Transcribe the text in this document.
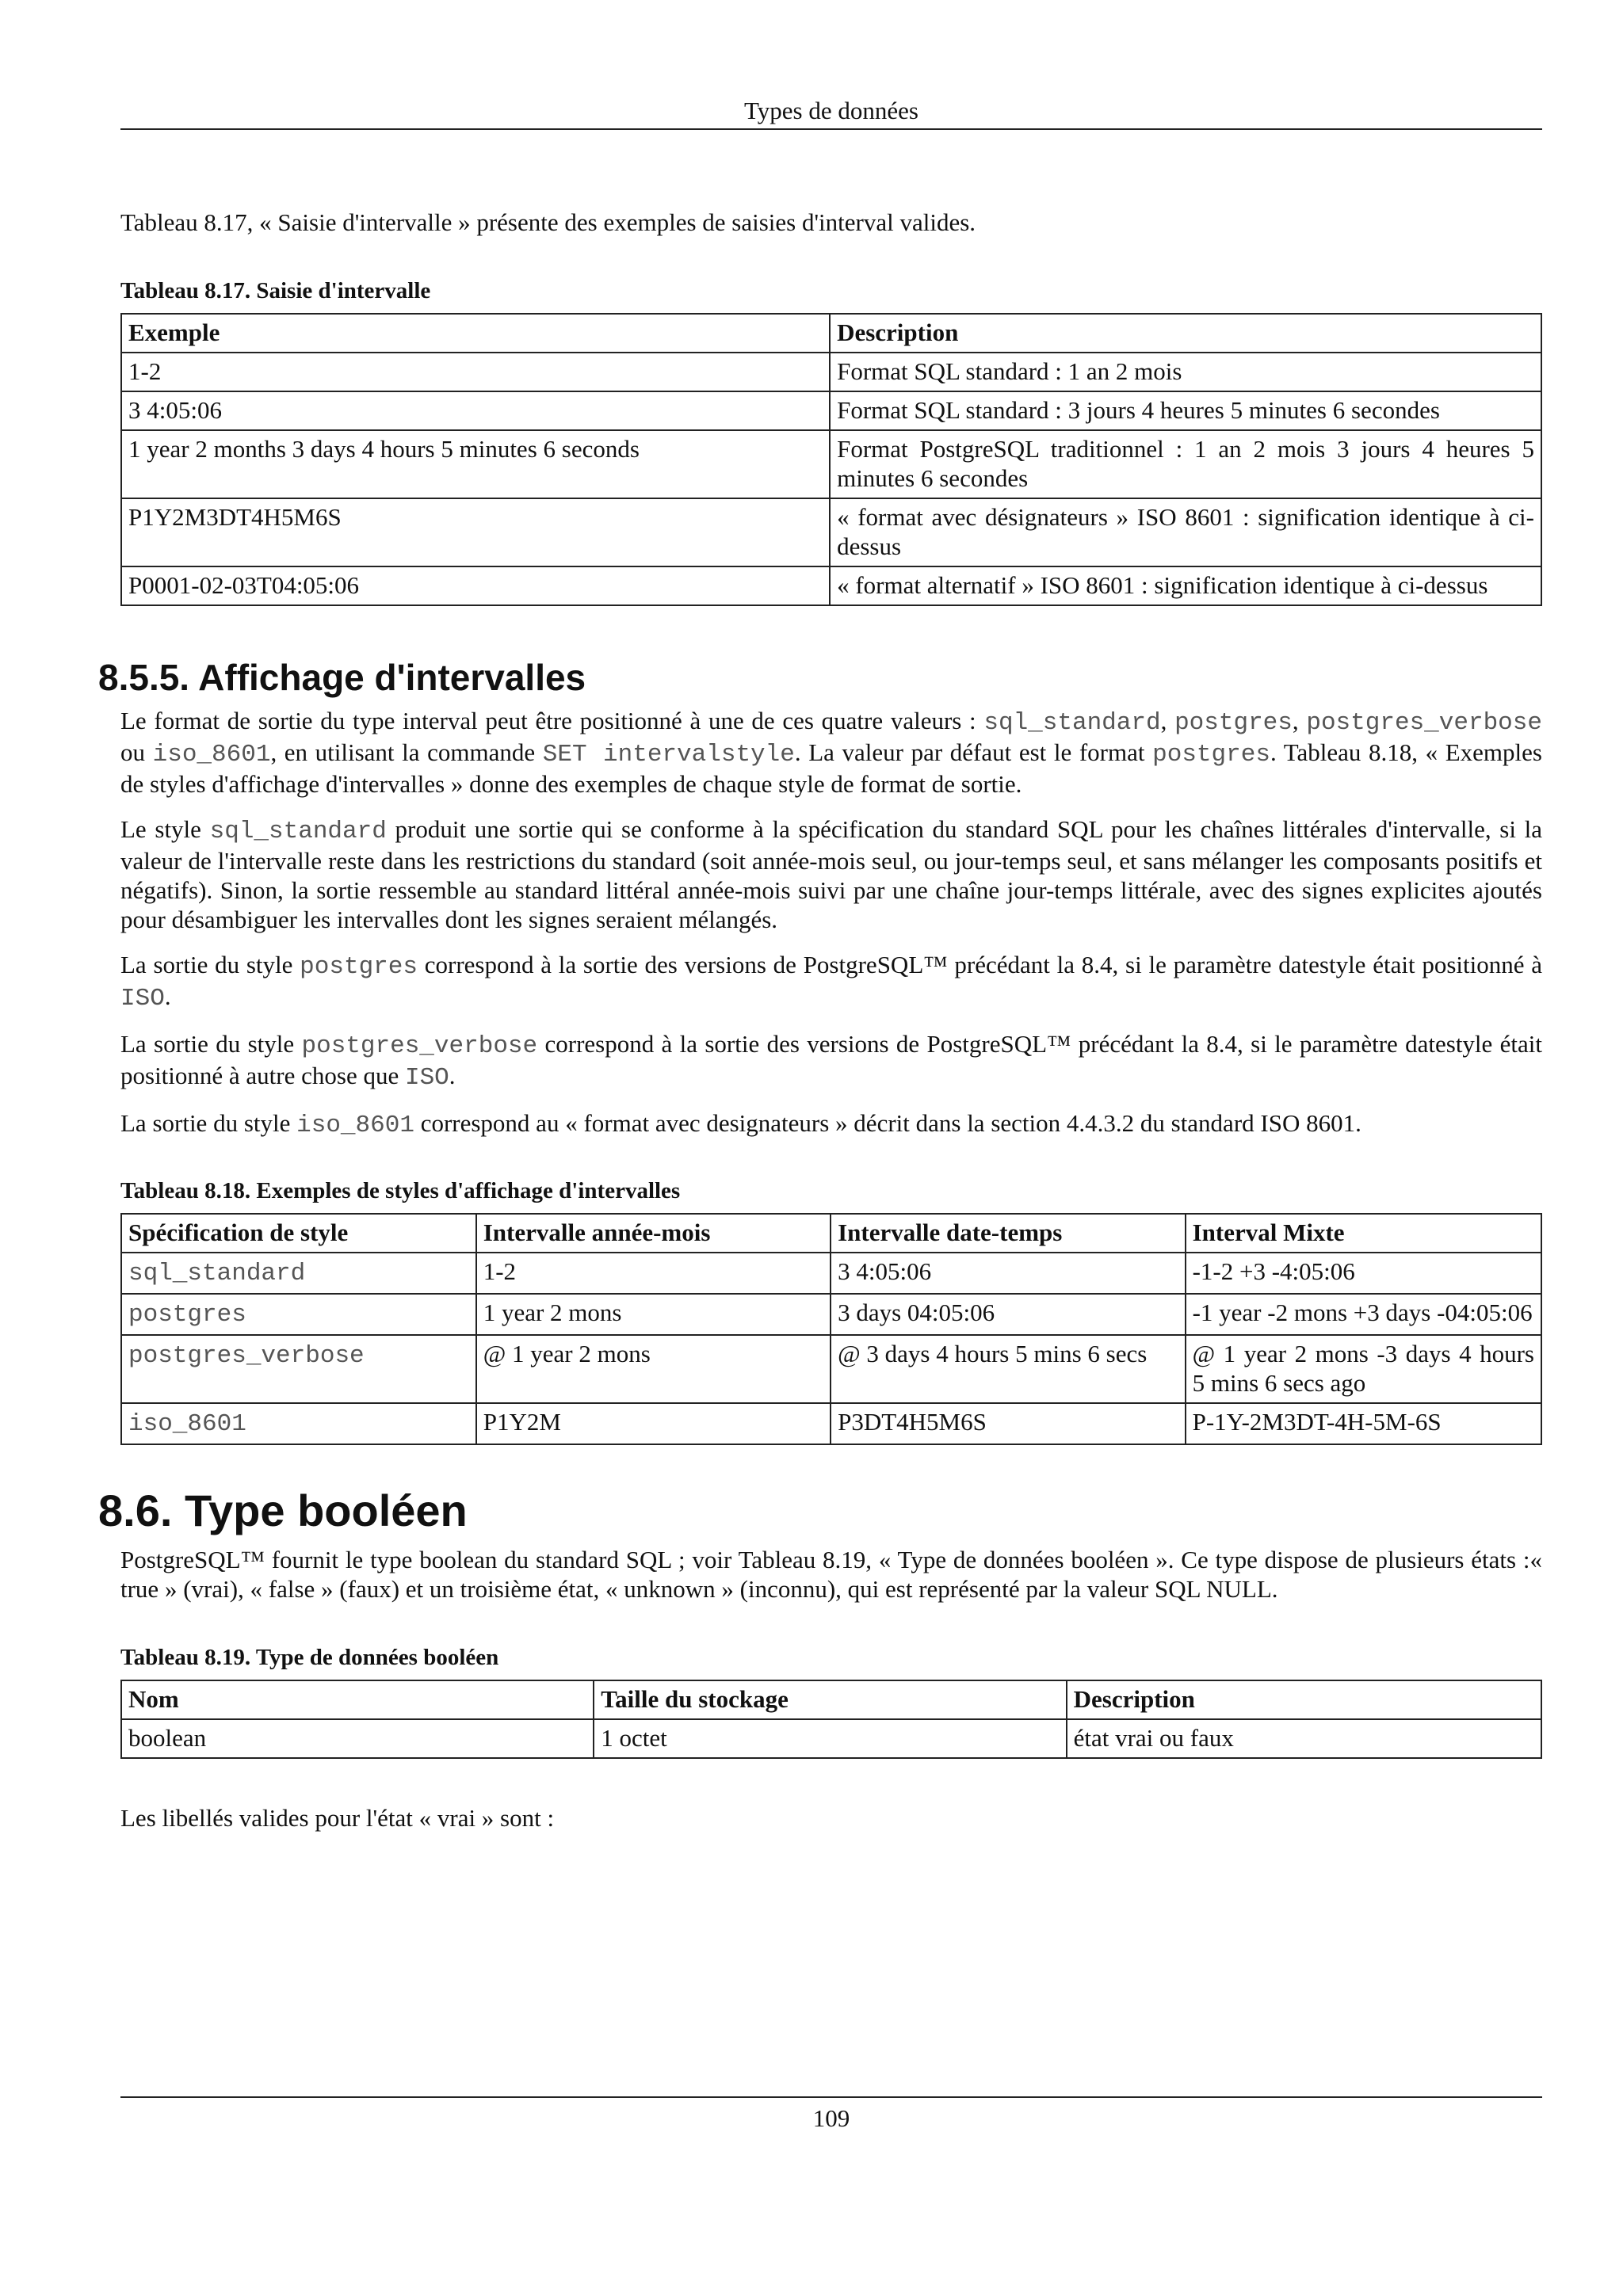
Types de données

Tableau 8.17, « Saisie d'intervalle » présente des exemples de saisies d'interval valides.

Tableau 8.17. Saisie d'intervalle

Exemple	Description
1-2	Format SQL standard : 1 an 2 mois
3 4:05:06	Format SQL standard : 3 jours 4 heures 5 minutes 6 secondes
1 year 2 months 3 days 4 hours 5 minutes 6 seconds	Format PostgreSQL traditionnel : 1 an 2 mois 3 jours 4 heures 5 minutes 6 secondes
P1Y2M3DT4H5M6S	« format avec désignateurs » ISO 8601 : signification identique à ci-dessus
P0001-02-03T04:05:06	« format alternatif » ISO 8601 : signification identique à ci-dessus
8.5.5. Affichage d'intervalles

Le format de sortie du type interval peut être positionné à une de ces quatre valeurs : sql_standard, postgres, postgres_verbose ou iso_8601, en utilisant la commande SET intervalstyle. La valeur par défaut est le format postgres. Tableau 8.18, « Exemples de styles d'affichage d'intervalles » donne des exemples de chaque style de format de sortie.

Le style sql_standard produit une sortie qui se conforme à la spécification du standard SQL pour les chaînes littérales d'intervalle, si la valeur de l'intervalle reste dans les restrictions du standard (soit année-mois seul, ou jour-temps seul, et sans mélanger les composants positifs et négatifs). Sinon, la sortie ressemble au standard littéral année-mois suivi par une chaîne jour-temps littérale, avec des signes explicites ajoutés pour désambiguer les intervalles dont les signes seraient mélangés.

La sortie du style postgres correspond à la sortie des versions de PostgreSQL™ précédant la 8.4, si le paramètre datestyle était positionné à ISO.

La sortie du style postgres_verbose correspond à la sortie des versions de PostgreSQL™ précédant la 8.4, si le paramètre datestyle était positionné à autre chose que ISO.

La sortie du style iso_8601 correspond au « format avec designateurs » décrit dans la section 4.4.3.2 du standard ISO 8601.

Tableau 8.18. Exemples de styles d'affichage d'intervalles

Spécification de style	Intervalle année-mois	Intervalle date-temps	Interval Mixte
sql_standard	1-2	3 4:05:06	-1-2 +3 -4:05:06
postgres	1 year 2 mons	3 days 04:05:06	-1 year -2 mons +3 days -04:05:06
postgres_verbose	@ 1 year 2 mons	@ 3 days 4 hours 5 mins 6 secs	@ 1 year 2 mons -3 days 4 hours 5 mins 6 secs ago
iso_8601	P1Y2M	P3DT4H5M6S	P-1Y-2M3DT-4H-5M-6S
8.6. Type booléen

PostgreSQL™ fournit le type boolean du standard SQL ; voir Tableau 8.19, « Type de données booléen ». Ce type dispose de plusieurs états :« true » (vrai), « false » (faux) et un troisième état, « unknown » (inconnu), qui est représenté par la valeur SQL NULL.

Tableau 8.19. Type de données booléen

Nom	Taille du stockage	Description
boolean	1 octet	état vrai ou faux

Les libellés valides pour l'état « vrai » sont :

109
